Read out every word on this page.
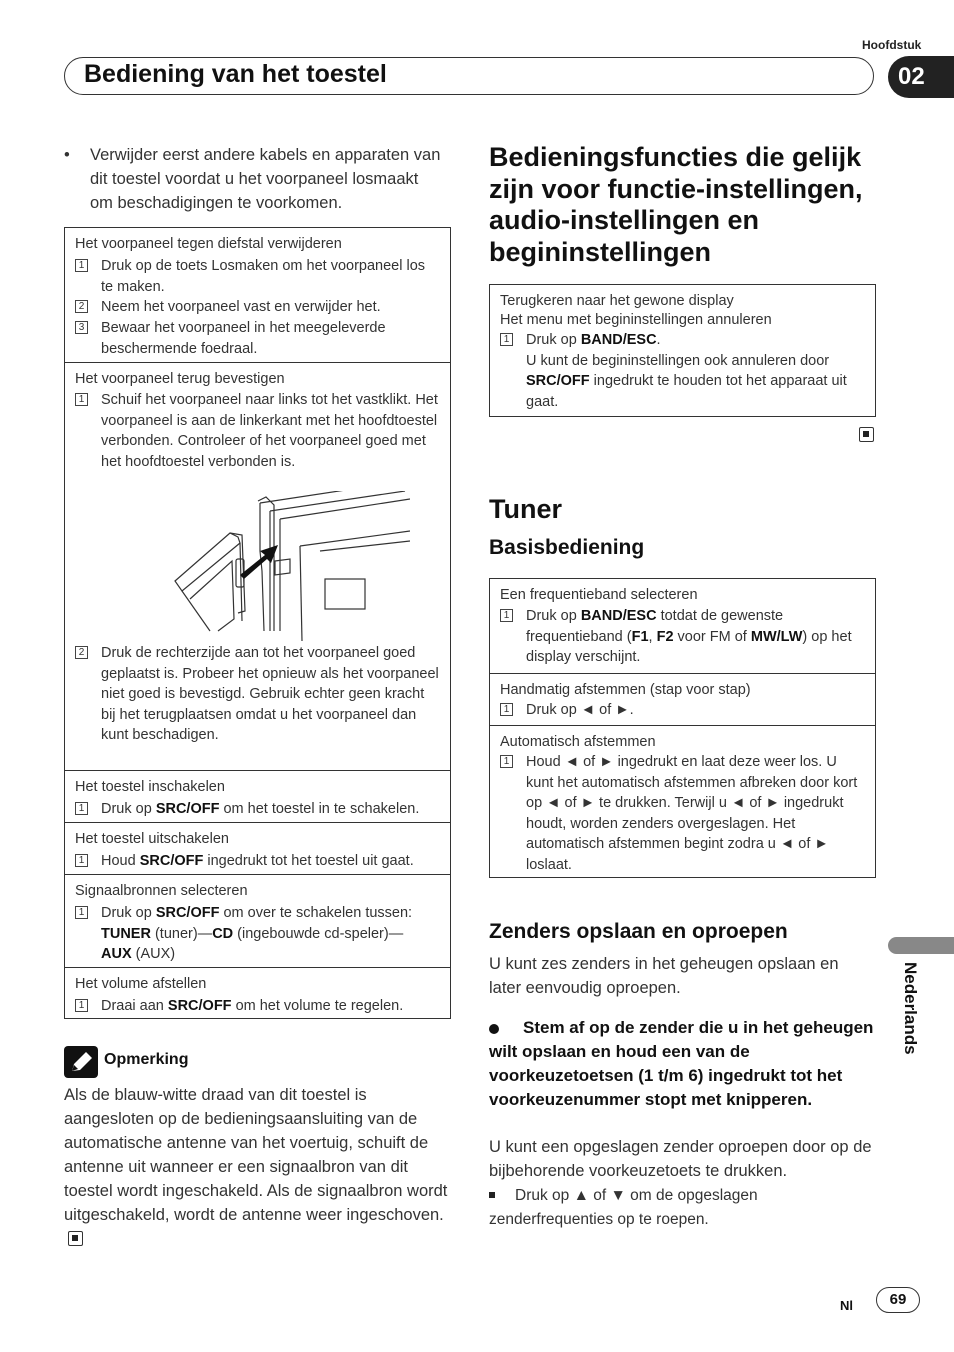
Hoofdstuk
Bediening van het toestel	02
• Verwijder eerst andere kabels en apparaten van dit toestel voordat u het voorpaneel losmaakt om beschadigingen te voorkomen.
Het voorpaneel tegen diefstal verwijderen
1 Druk op de toets Losmaken om het voorpaneel los te maken.
2 Neem het voorpaneel vast en verwijder het.
3 Bewaar het voorpaneel in het meegeleverde beschermende foedraal.
Het voorpaneel terug bevestigen
1 Schuif het voorpaneel naar links tot het vastklikt. Het voorpaneel is aan de linkerkant met het hoofdtoestel verbonden. Controleer of het voorpaneel goed met het hoofdtoestel verbonden is.
2 Druk de rechterzijde aan tot het voorpaneel goed geplaatst is. Probeer het opnieuw als het voorpaneel niet goed is bevestigd. Gebruik echter geen kracht bij het terugplaatsen omdat u het voorpaneel dan kunt beschadigen.
Het toestel inschakelen
1 Druk op SRC/OFF om het toestel in te schakelen.
Het toestel uitschakelen
1 Houd SRC/OFF ingedrukt tot het toestel uit gaat.
Signaalbronnen selecteren
1 Druk op SRC/OFF om over te schakelen tussen: TUNER (tuner)—CD (ingebouwde cd-speler)— AUX (AUX)
Het volume afstellen
1 Draai aan SRC/OFF om het volume te regelen.
Opmerking
Als de blauw-witte draad van dit toestel is aangesloten op de bedieningsaansluiting van de automatische antenne van het voertuig, schuift de antenne uit wanneer er een signaalbron van dit toestel wordt ingeschakeld. Als de signaalbron wordt uitgeschakeld, wordt de antenne weer ingeschoven.
Bedieningsfuncties die gelijk zijn voor functie-instellingen, audio-instellingen en begininstellingen
Terugkeren naar het gewone display
Het menu met begininstellingen annuleren
1 Druk op BAND/ESC.
U kunt de begininstellingen ook annuleren door SRC/OFF ingedrukt te houden tot het apparaat uit gaat.
Tuner
Basisbediening
Een frequentieband selecteren
1 Druk op BAND/ESC totdat de gewenste frequentieband (F1, F2 voor FM of MW/LW) op het display verschijnt.
Handmatig afstemmen (stap voor stap)
1 Druk op ◄ of ►.
Automatisch afstemmen
1 Houd ◄ of ► ingedrukt en laat deze weer los. U kunt het automatisch afstemmen afbreken door kort op ◄ of ► te drukken. Terwijl u ◄ of ► ingedrukt houdt, worden zenders overgeslagen. Het automatisch afstemmen begint zodra u ◄ of ► loslaat.
Zenders opslaan en oproepen
U kunt zes zenders in het geheugen opslaan en later eenvoudig oproepen.
Stem af op de zender die u in het geheugen wilt opslaan en houd een van de voorkeuzetoetsen (1 t/m 6) ingedrukt tot het voorkeuzenummer stopt met knipperen.
U kunt een opgeslagen zender oproepen door op de bijbehorende voorkeuzetoets te drukken.
Druk op ▲ of ▼ om de opgeslagen zenderfrequenties op te roepen.
Nederlands
Nl	69
